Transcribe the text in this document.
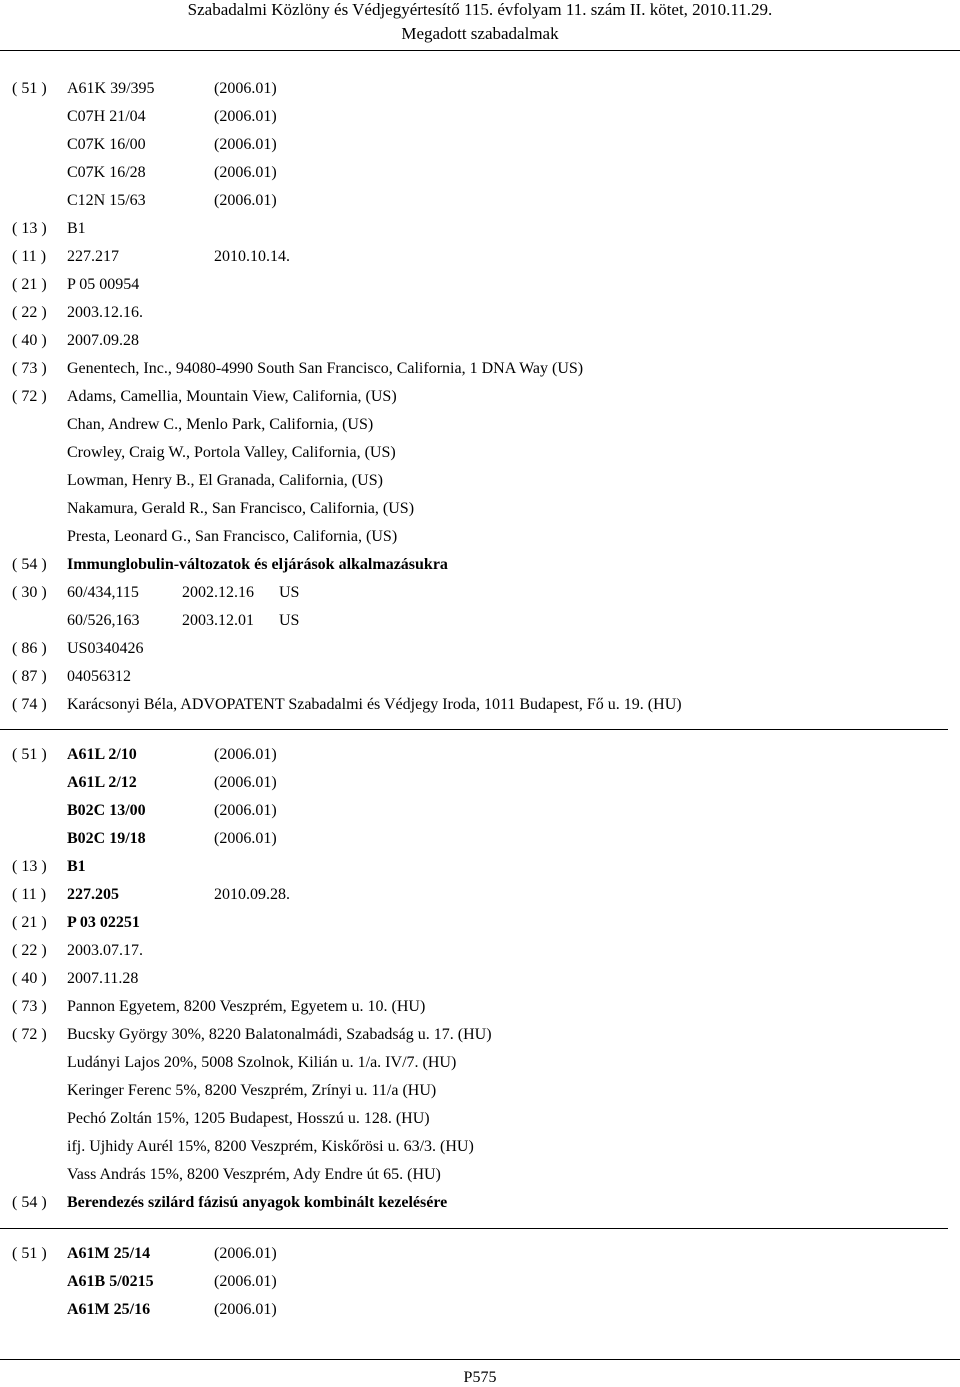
Szabadalmi Közlöny és Védjegyértesítő 115. évfolyam 11. szám II. kötet, 2010.11.29.
Megadott szabadalmak
( 51 ) A61K 39/395	(2006.01)
C07H 21/04	(2006.01)
C07K 16/00	(2006.01)
C07K 16/28	(2006.01)
C12N 15/63	(2006.01)
( 13 ) B1
( 11 ) 227.217	2010.10.14.
( 21 ) P 05 00954
( 22 ) 2003.12.16.
( 40 ) 2007.09.28
( 73 ) Genentech, Inc., 94080-4990 South San Francisco, California, 1 DNA Way (US)
( 72 ) Adams, Camellia, Mountain View, California, (US)
Chan, Andrew C., Menlo Park, California, (US)
Crowley, Craig W., Portola Valley, California, (US)
Lowman, Henry B., El Granada, California, (US)
Nakamura, Gerald R., San Francisco, California, (US)
Presta, Leonard G., San Francisco, California, (US)
( 54 ) Immunglobulin-változatok és eljárások alkalmazásukra
( 30 ) 60/434,115	2002.12.16 US
60/526,163	2003.12.01 US
( 86 ) US0340426
( 87 ) 04056312
( 74 ) Karácsonyi Béla, ADVOPATENT Szabadalmi és Védjegy Iroda, 1011 Budapest, Fő u. 19. (HU)
( 51 ) A61L 2/10	(2006.01)
A61L 2/12	(2006.01)
B02C 13/00	(2006.01)
B02C 19/18	(2006.01)
( 13 ) B1
( 11 ) 227.205	2010.09.28.
( 21 ) P 03 02251
( 22 ) 2003.07.17.
( 40 ) 2007.11.28
( 73 ) Pannon Egyetem, 8200 Veszprém, Egyetem u. 10. (HU)
( 72 ) Bucsky György 30%, 8220 Balatonalmádi, Szabadság u. 17. (HU)
Ludányi Lajos 20%, 5008 Szolnok, Kilián u. 1/a. IV/7. (HU)
Keringer Ferenc 5%, 8200 Veszprém, Zrínyi u. 11/a (HU)
Pechó Zoltán 15%, 1205 Budapest, Hosszú u. 128. (HU)
ifj. Ujhidy Aurél 15%, 8200 Veszprém, Kiskőrösi u. 63/3. (HU)
Vass András 15%, 8200 Veszprém, Ady Endre út 65. (HU)
( 54 ) Berendezés szilárd fázisú anyagok kombinált kezelésére
( 51 ) A61M 25/14	(2006.01)
A61B 5/0215	(2006.01)
A61M 25/16	(2006.01)
P575
